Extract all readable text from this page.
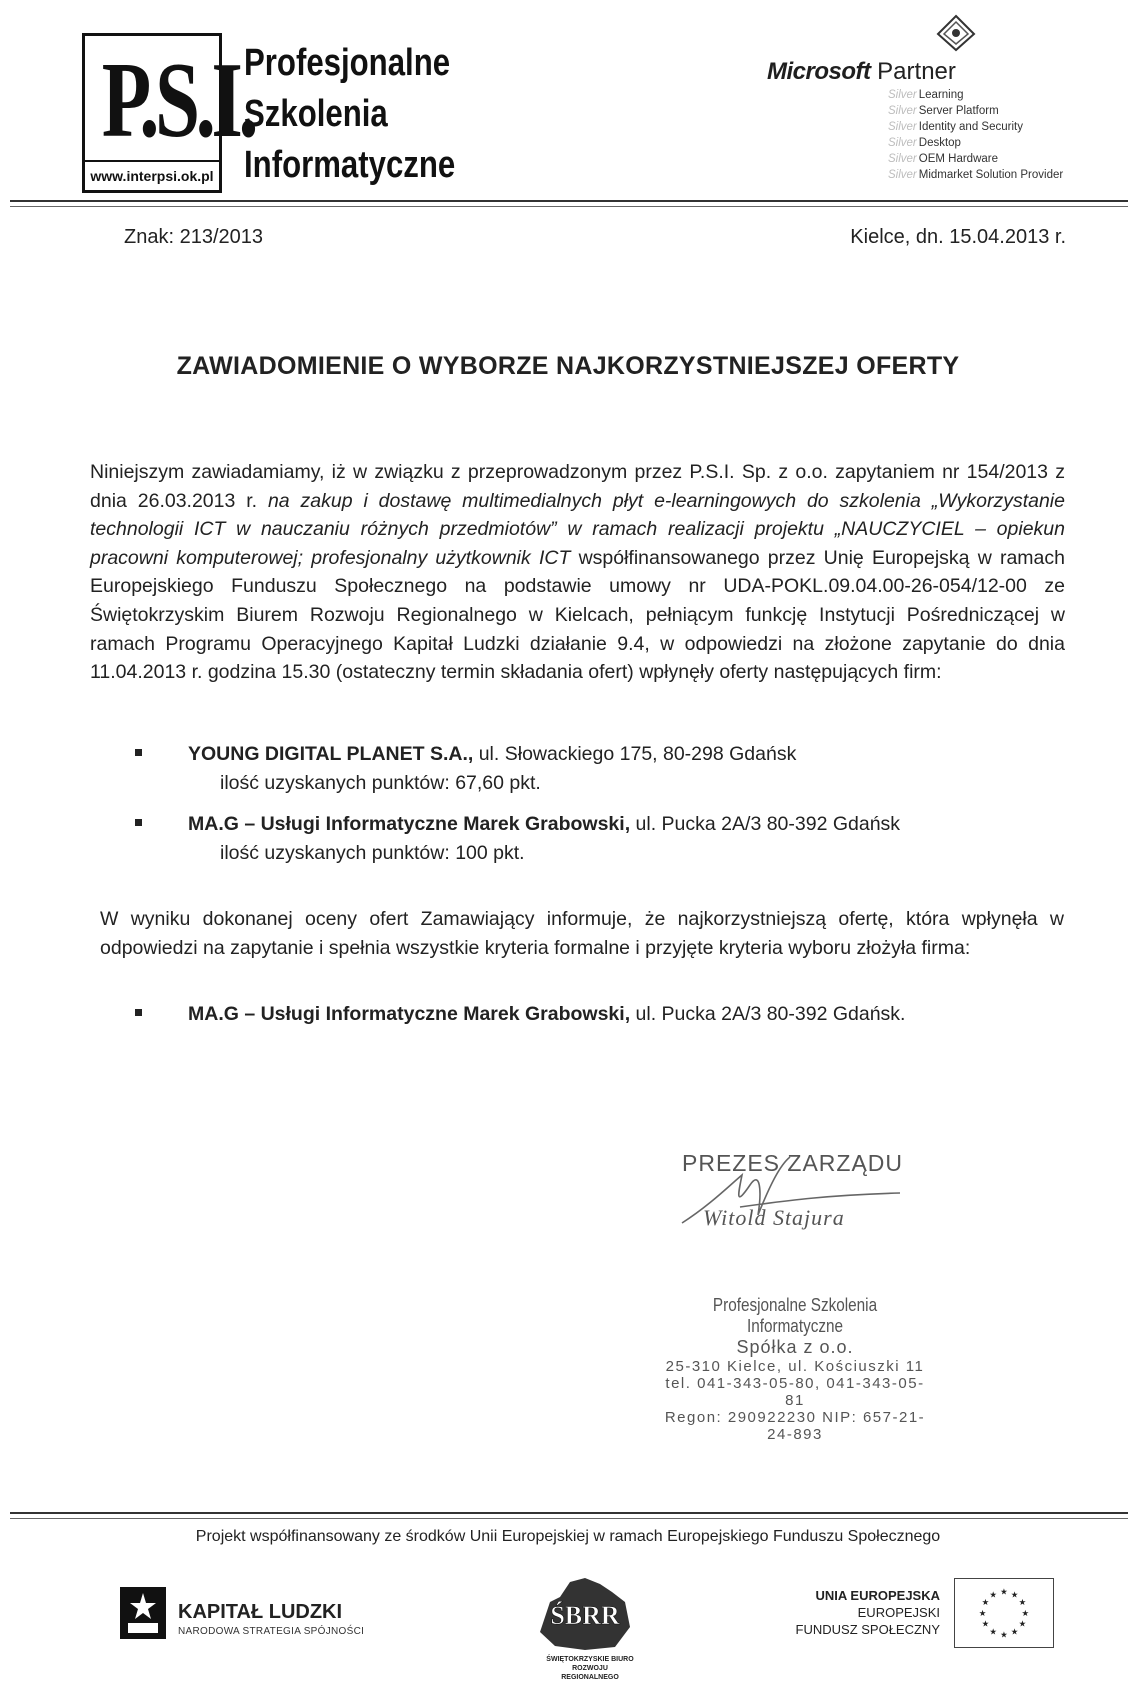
P.S.I.
www.interpsi.ok.pl
Profesjonalne
Szkolenia
Informatyczne
Microsoft Partner
Silver Learning
Silver Server Platform
Silver Identity and Security
Silver Desktop
Silver OEM Hardware
Silver Midmarket Solution Provider
Znak: 213/2013	Kielce, dn. 15.04.2013 r.
ZAWIADOMIENIE O WYBORZE NAJKORZYSTNIEJSZEJ OFERTY
Niniejszym zawiadamiamy, iż w związku z przeprowadzonym przez P.S.I. Sp. z o.o. zapytaniem nr 154/2013 z dnia 26.03.2013 r. na zakup i dostawę multimedialnych płyt e-learningowych do szkolenia „Wykorzystanie technologii ICT w nauczaniu różnych przedmiotów” w ramach realizacji projektu „NAUCZYCIEL – opiekun pracowni komputerowej; profesjonalny użytkownik ICT współfinansowanego przez Unię Europejską w ramach Europejskiego Funduszu Społecznego na podstawie umowy nr UDA-POKL.09.04.00-26-054/12-00 ze Świętokrzyskim Biurem Rozwoju Regionalnego w Kielcach, pełniącym funkcję Instytucji Pośredniczącej w ramach Programu Operacyjnego Kapitał Ludzki działanie 9.4, w odpowiedzi na złożone zapytanie do dnia 11.04.2013 r. godzina 15.30 (ostateczny termin składania ofert) wpłynęły oferty następujących firm:
YOUNG DIGITAL PLANET S.A., ul. Słowackiego 175, 80-298 Gdańsk
ilość uzyskanych punktów: 67,60 pkt.
MA.G – Usługi Informatyczne Marek Grabowski, ul. Pucka 2A/3 80-392 Gdańsk
ilość uzyskanych punktów: 100 pkt.
W wyniku dokonanej oceny ofert Zamawiający informuje, że najkorzystniejszą ofertę, która wpłynęła w odpowiedzi na zapytanie i spełnia wszystkie kryteria formalne i przyjęte kryteria wyboru złożyła firma:
MA.G – Usługi Informatyczne Marek Grabowski, ul. Pucka 2A/3 80-392 Gdańsk.
PREZES ZARZĄDU
Witold Stajura
Profesjonalne Szkolenia Informatyczne
Spółka z o.o.
25-310 Kielce, ul. Kościuszki 11
tel. 041-343-05-80, 041-343-05-81
Regon: 290922230 NIP: 657-21-24-893
Projekt współfinansowany ze środków Unii Europejskiej w ramach Europejskiego Funduszu Społecznego
KAPITAŁ LUDZKI
NARODOWA STRATEGIA SPÓJNOŚCI
ŚBRR
ŚWIĘTOKRZYSKIE BIURO ROZWOJU REGIONALNEGO
UNIA EUROPEJSKA
EUROPEJSKI
FUNDUSZ SPOŁECZNY
★
★
★
★
★
★
★
★
★ ★ ★
★
